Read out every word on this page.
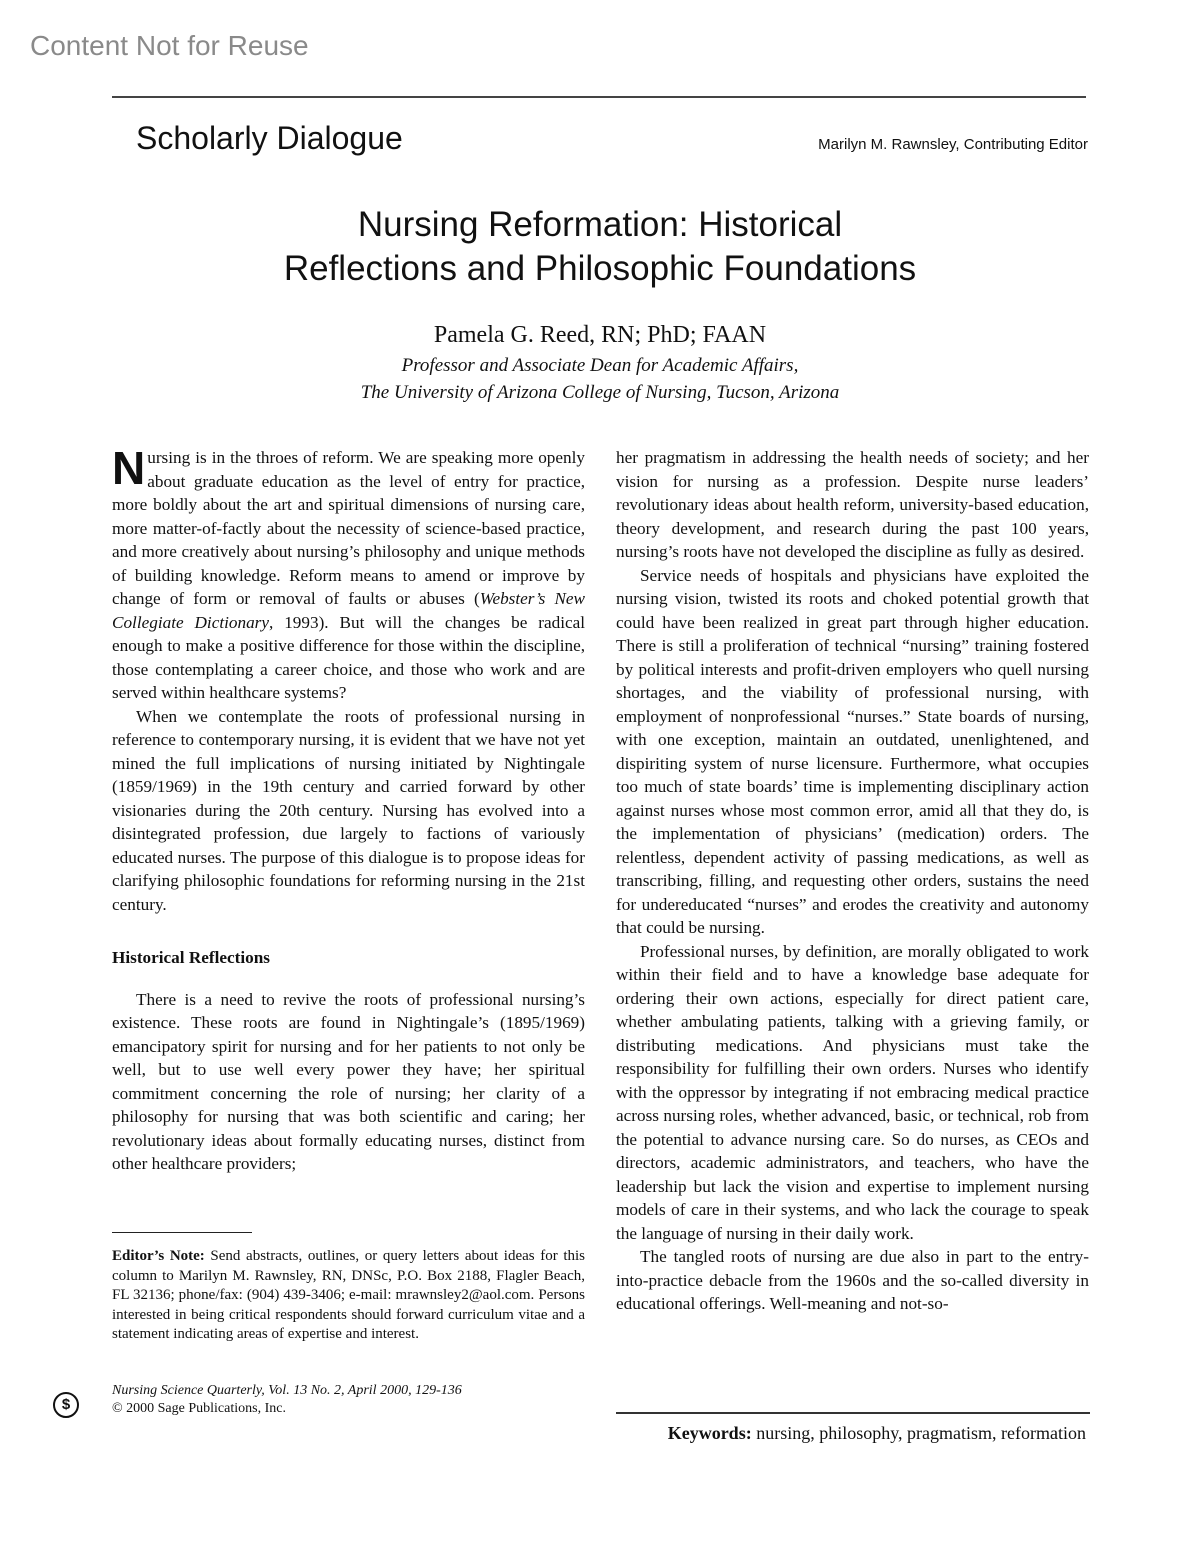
Content Not for Reuse
Scholarly Dialogue	Marilyn M. Rawnsley, Contributing Editor
Nursing Reformation: Historical
Reflections and Philosophic Foundations
Pamela G. Reed, RN; PhD; FAAN
Professor and Associate Dean for Academic Affairs,
The University of Arizona College of Nursing, Tucson, Arizona

Nursing is in the throes of reform. We are speaking more openly about graduate education as the level of entry for practice, more boldly about the art and spiritual dimensions of nursing care, more matter-of-factly about the necessity of science-based practice, and more creatively about nursing’s philosophy and unique methods of building knowledge. Reform means to amend or improve by change of form or removal of faults or abuses (Webster’s New Collegiate Dictionary, 1993). But will the changes be radical enough to make a positive difference for those within the discipline, those contemplating a career choice, and those who work and are served within healthcare systems?

When we contemplate the roots of professional nursing in reference to contemporary nursing, it is evident that we have not yet mined the full implications of nursing initiated by Nightingale (1859/1969) in the 19th century and carried forward by other visionaries during the 20th century. Nursing has evolved into a disintegrated profession, due largely to factions of variously educated nurses. The purpose of this dialogue is to propose ideas for clarifying philosophic foundations for reforming nursing in the 21st century.

Historical Reflections

There is a need to revive the roots of professional nursing’s existence. These roots are found in Nightingale’s (1895/1969) emancipatory spirit for nursing and for her patients to not only be well, but to use well every power they have; her spiritual commitment concerning the role of nursing; her clarity of a philosophy for nursing that was both scientific and caring; her revolutionary ideas about formally educating nurses, distinct from other healthcare providers;

her pragmatism in addressing the health needs of society; and her vision for nursing as a profession. Despite nurse leaders’ revolutionary ideas about health reform, university-based education, theory development, and research during the past 100 years, nursing’s roots have not developed the discipline as fully as desired.

Service needs of hospitals and physicians have exploited the nursing vision, twisted its roots and choked potential growth that could have been realized in great part through higher education. There is still a proliferation of technical “nursing” training fostered by political interests and profit-driven employers who quell nursing shortages, and the viability of professional nursing, with employment of nonprofessional “nurses.” State boards of nursing, with one exception, maintain an outdated, unenlightened, and dispiriting system of nurse licensure. Furthermore, what occupies too much of state boards’ time is implementing disciplinary action against nurses whose most common error, amid all that they do, is the implementation of physicians’ (medication) orders. The relentless, dependent activity of passing medications, as well as transcribing, filling, and requesting other orders, sustains the need for undereducated “nurses” and erodes the creativity and autonomy that could be nursing.

Professional nurses, by definition, are morally obligated to work within their field and to have a knowledge base adequate for ordering their own actions, especially for direct patient care, whether ambulating patients, talking with a grieving family, or distributing medications. And physicians must take the responsibility for fulfilling their own orders. Nurses who identify with the oppressor by integrating if not embracing medical practice across nursing roles, whether advanced, basic, or technical, rob from the potential to advance nursing care. So do nurses, as CEOs and directors, academic administrators, and teachers, who have the leadership but lack the vision and expertise to implement nursing models of care in their systems, and who lack the courage to speak the language of nursing in their daily work.

The tangled roots of nursing are due also in part to the entry-into-practice debacle from the 1960s and the so-called diversity in educational offerings. Well-meaning and not-so-

Editor’s Note: Send abstracts, outlines, or query letters about ideas for this column to Marilyn M. Rawnsley, RN, DNSc, P.O. Box 2188, Flagler Beach, FL 32136; phone/fax: (904) 439-3406; e-mail: mrawnsley2@aol.com. Persons interested in being critical respondents should forward curriculum vitae and a statement indicating areas of expertise and interest.
$
Nursing Science Quarterly, Vol. 13 No. 2, April 2000, 129-136
© 2000 Sage Publications, Inc.
Keywords: nursing, philosophy, pragmatism, reformation
